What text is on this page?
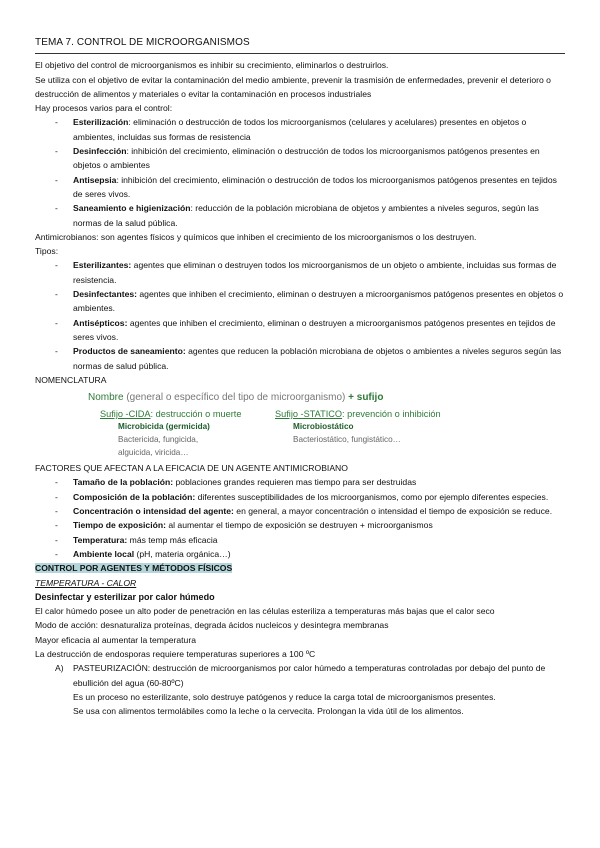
TEMA 7. CONTROL DE MICROORGANISMOS

El objetivo del control de microorganismos es inhibir su crecimiento, eliminarlos o destruirlos.

Se utiliza con el objetivo de evitar la contaminación del medio ambiente, prevenir la trasmisión de enfermedades, prevenir el deterioro o destrucción de alimentos y materiales o evitar la contaminación en procesos industriales

Hay procesos varios para el control:

- Esterilización: eliminación o destrucción de todos los microorganismos (celulares y acelulares) presentes en objetos o ambientes, incluidas sus formas de resistencia
- Desinfección: inhibición del crecimiento, eliminación o destrucción de todos los microorganismos patógenos presentes en objetos o ambientes
- Antisepsia: inhibición del crecimiento, eliminación o destrucción de todos los microorganismos patógenos presentes en tejidos de seres vivos.
- Saneamiento e higienización: reducción de la población microbiana de objetos y ambientes a niveles seguros, según las normas de la salud pública.

Antimicrobianos: son agentes físicos y químicos que inhiben el crecimiento de los microorganismos o los destruyen.

Tipos:

- Esterilizantes: agentes que eliminan o destruyen todos los microorganismos de un objeto o ambiente, incluidas sus formas de resistencia.
- Desinfectantes: agentes que inhiben el crecimiento, eliminan o destruyen a microorganismos patógenos presentes en objetos o ambientes.
- Antisépticos: agentes que inhiben el crecimiento, eliminan o destruyen a microorganismos patógenos presentes en tejidos de seres vivos.
- Productos de saneamiento: agentes que reducen la población microbiana de objetos o ambientes a niveles seguros según las normas de salud pública.

NOMENCLATURA

Nombre (general o específico del tipo de microorganismo) + sufijo
Sufijo -CIDA: destrucción o muerte
Microbicida (germicida)
Bactericida, fungicida,
alguicida, viricida…
Sufijo -STATICO: prevención o inhibición
Microbiostático
Bacteriostático, fungistático…

FACTORES QUE AFECTAN A LA EFICACIA DE UN AGENTE ANTIMICROBIANO

- Tamaño de la población: poblaciones grandes requieren mas tiempo para ser destruidas
- Composición de la población: diferentes susceptibilidades de los microorganismos, como por ejemplo diferentes especies.
- Concentración o intensidad del agente: en general, a mayor concentración o intensidad el tiempo de exposición se reduce.
- Tiempo de exposición: al aumentar el tiempo de exposición se destruyen + microorganismos
- Temperatura: más temp más eficacia
- Ambiente local (pH, materia orgánica…)

CONTROL POR AGENTES Y MÉTODOS FÍSICOS

TEMPERATURA - CALOR

Desinfectar y esterilizar por calor húmedo

El calor húmedo posee un alto poder de penetración en las células esteriliza a temperaturas más bajas que el calor seco

Modo de acción: desnaturaliza proteínas, degrada ácidos nucleicos y desintegra membranas

Mayor eficacia al aumentar la temperatura

La destrucción de endosporas requiere temperaturas superiores a 100 ºC

A) PASTEURIZACIÓN: destrucción de microorganismos por calor húmedo a temperaturas controladas por debajo del punto de ebullición del agua (60-80ºC)
Es un proceso no esterilizante, solo destruye patógenos y reduce la carga total de microorganismos presentes.
Se usa con alimentos termolábiles como la leche o la cervecita. Prolongan la vida útil de los alimentos.
